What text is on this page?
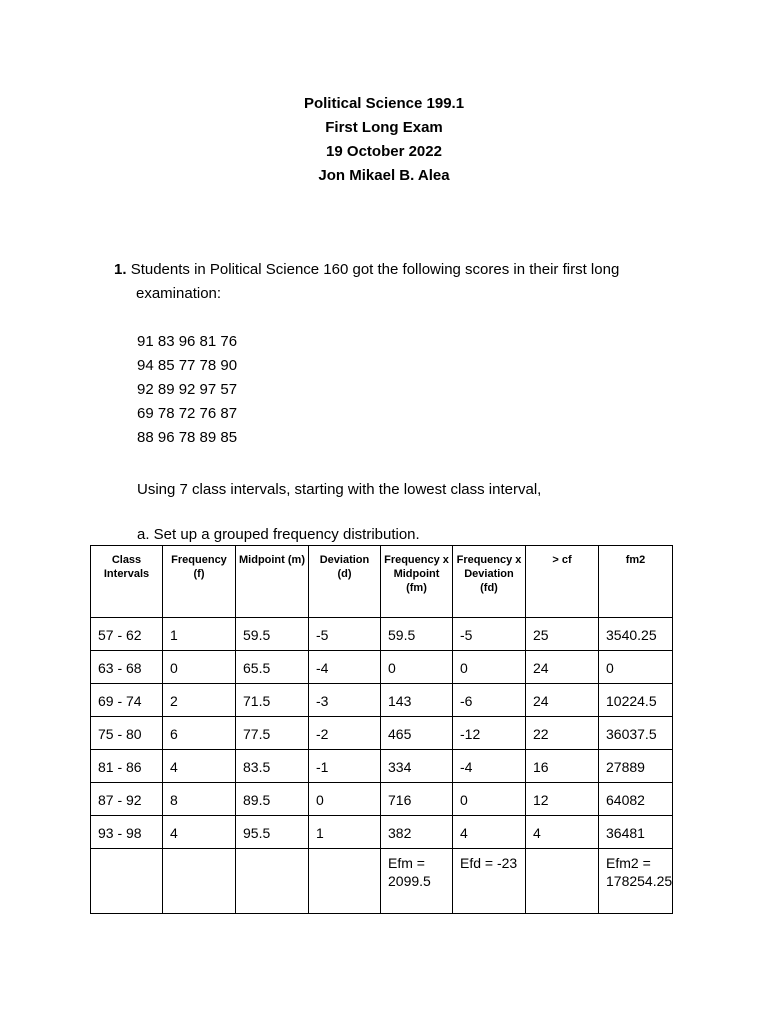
Political Science 199.1
First Long Exam
19 October 2022
Jon Mikael B. Alea
1. Students in Political Science 160 got the following scores in their first long
examination:
91 83 96 81 76
94 85 77 78 90
92 89 92 97 57
69 78 72 76 87
88 96 78 89 85
Using 7 class intervals, starting with the lowest class interval,
a. Set up a grouped frequency distribution.
Class Intervals	Frequency (f)	Midpoint (m)	Deviation (d)	Frequency x Midpoint (fm)	Frequency x Deviation (fd)	> cf	fm2
57 - 62	1	59.5	-5	59.5	-5	25	3540.25
63 - 68	0	65.5	-4	0	0	24	0
69 - 74	2	71.5	-3	143	-6	24	10224.5
75 - 80	6	77.5	-2	465	-12	22	36037.5
81 - 86	4	83.5	-1	334	-4	16	27889
87 - 92	8	89.5	0	716	0	12	64082
93 - 98	4	95.5	1	382	4	4	36481
				Efm = 2099.5	Efd = -23		Efm2 = 178254.25
